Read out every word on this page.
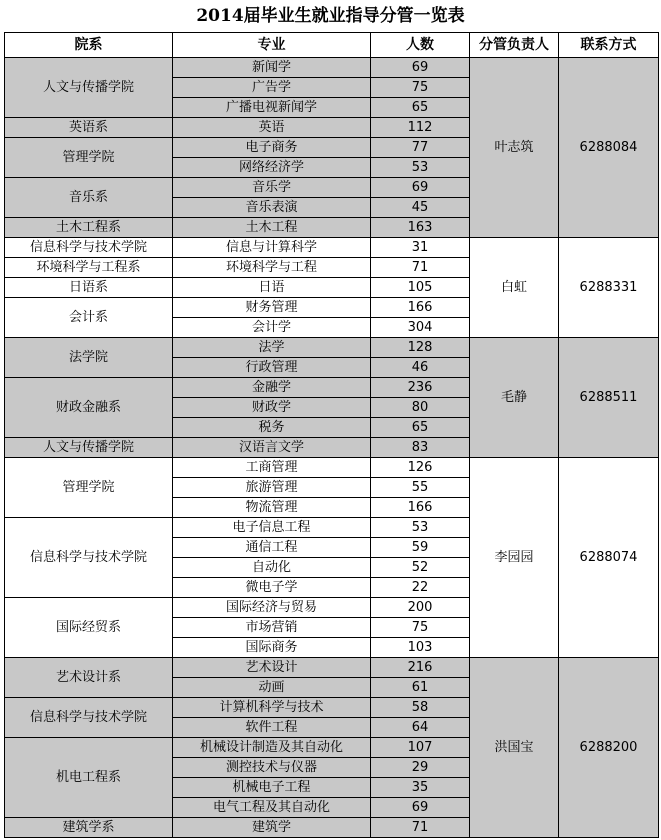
2014届毕业生就业指导分管一览表
院系	专业	人数	分管负责人	联系方式
人文与传播学院	新闻学	69	叶志筑	6288084
	广告学	75		
	广播电视新闻学	65		
英语系	英语	112		
管理学院	电子商务	77		
	网络经济学	53		
音乐系	音乐学	69		
	音乐表演	45		
土木工程系	土木工程	163		
信息科学与技术学院	信息与计算科学	31	白虹	6288331
环境科学与工程系	环境科学与工程	71		
日语系	日语	105		
会计系	财务管理	166		
	会计学	304		
法学院	法学	128	毛静	6288511
	行政管理	46		
财政金融系	金融学	236		
	财政学	80		
	税务	65		
人文与传播学院	汉语言文学	83		
管理学院	工商管理	126	李园园	6288074
	旅游管理	55		
	物流管理	166		
信息科学与技术学院	电子信息工程	53		
	通信工程	59		
	自动化	52		
	微电子学	22		
国际经贸系	国际经济与贸易	200		
	市场营销	75		
	国际商务	103		
艺术设计系	艺术设计	216	洪国宝	6288200
	动画	61		
信息科学与技术学院	计算机科学与技术	58		
	软件工程	64		
机电工程系	机械设计制造及其自动化	107		
	测控技术与仪器	29		
	机械电子工程	35		
	电气工程及其自动化	69		
建筑学系	建筑学	71		
